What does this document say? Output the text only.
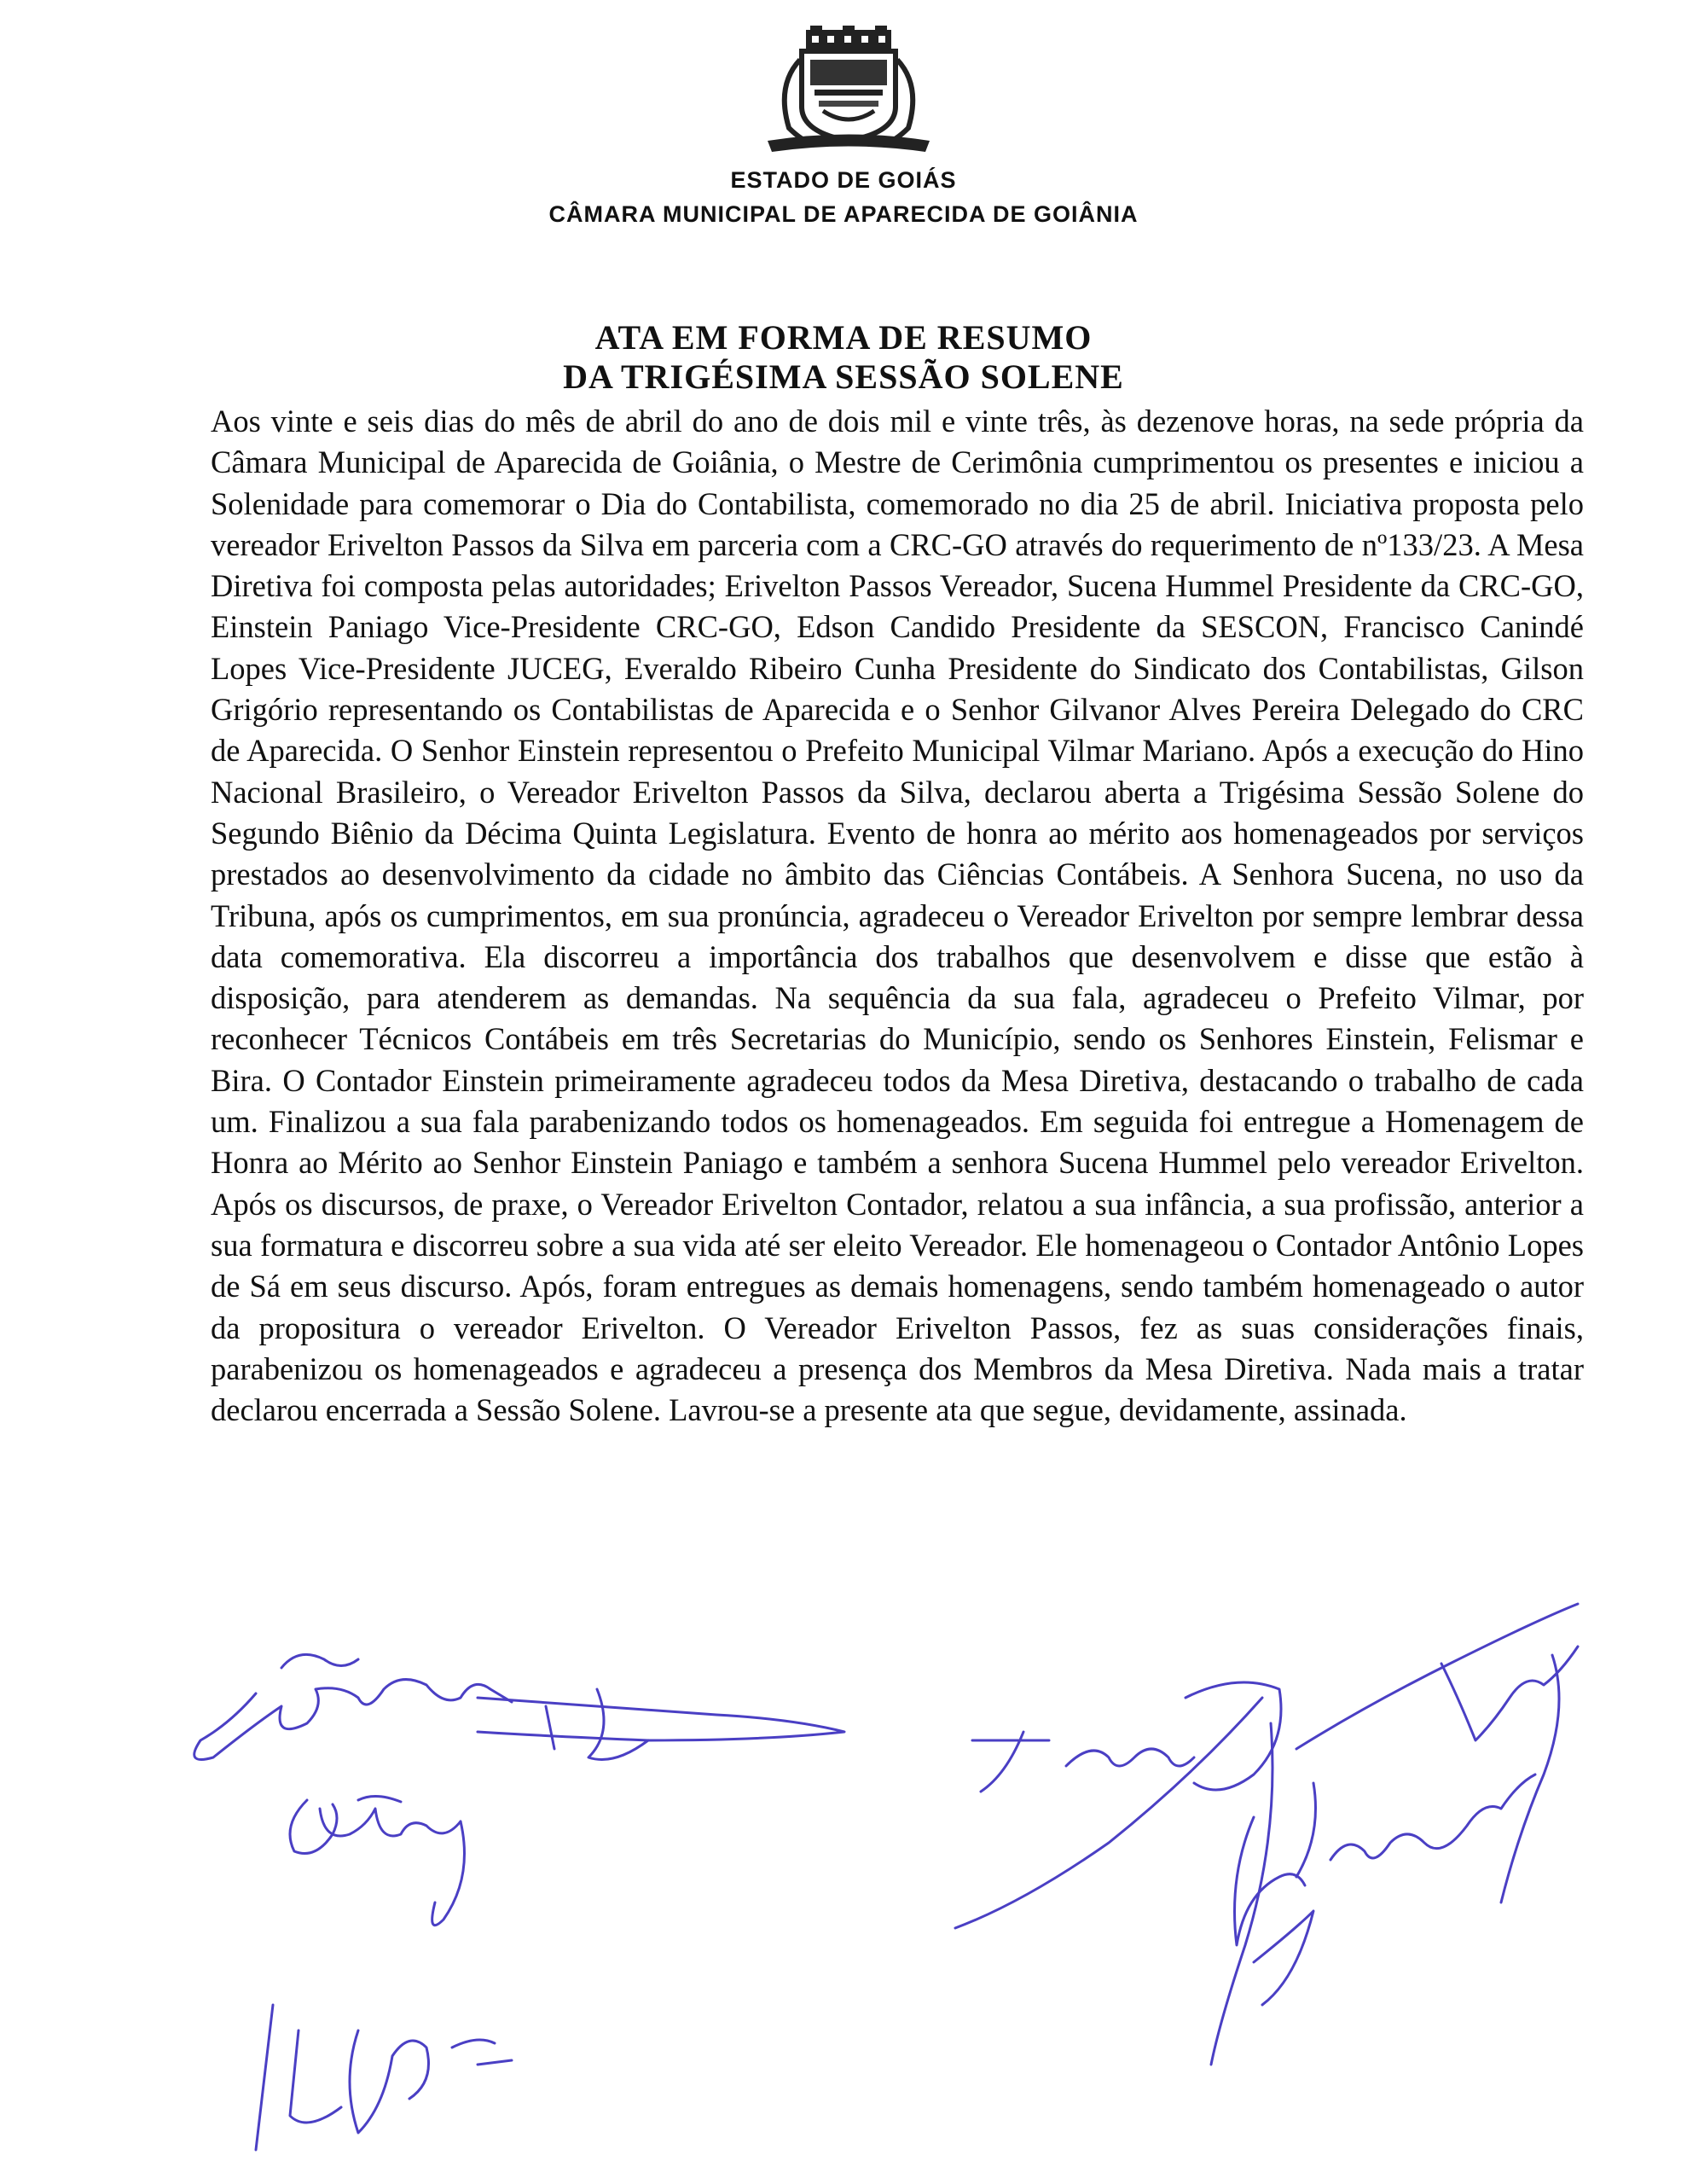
ESTADO DE GOIÁS
CÂMARA MUNICIPAL DE APARECIDA DE GOIÂNIA
ATA EM FORMA DE RESUMO
DA TRIGÉSIMA SESSÃO SOLENE

Aos vinte e seis dias do mês de abril do ano de dois mil e vinte três, às dezenove horas, na sede própria da Câmara Municipal de Aparecida de Goiânia, o Mestre de Cerimônia cumprimentou os presentes e iniciou a Solenidade para comemorar o Dia do Contabilista, comemorado no dia 25 de abril. Iniciativa proposta pelo vereador Erivelton Passos da Silva em parceria com a CRC-GO através do requerimento de nº133/23. A Mesa Diretiva foi composta pelas autoridades; Erivelton Passos Vereador, Sucena Hummel Presidente da CRC-GO, Einstein Paniago Vice-Presidente CRC-GO, Edson Candido Presidente da SESCON, Francisco Canindé Lopes Vice-Presidente JUCEG, Everaldo Ribeiro Cunha Presidente do Sindicato dos Contabilistas, Gilson Grigório representando os Contabilistas de Aparecida e o Senhor Gilvanor Alves Pereira Delegado do CRC de Aparecida. O Senhor Einstein representou o Prefeito Municipal Vilmar Mariano. Após a execução do Hino Nacional Brasileiro, o Vereador Erivelton Passos da Silva, declarou aberta a Trigésima Sessão Solene do Segundo Biênio da Décima Quinta Legislatura. Evento de honra ao mérito aos homenageados por serviços prestados ao desenvolvimento da cidade no âmbito das Ciências Contábeis. A Senhora Sucena, no uso da Tribuna, após os cumprimentos, em sua pronúncia, agradeceu o Vereador Erivelton por sempre lembrar dessa data comemorativa. Ela discorreu a importância dos trabalhos que desenvolvem e disse que estão à disposição, para atenderem as demandas. Na sequência da sua fala, agradeceu o Prefeito Vilmar, por reconhecer Técnicos Contábeis em três Secretarias do Município, sendo os Senhores Einstein, Felismar e Bira. O Contador Einstein primeiramente agradeceu todos da Mesa Diretiva, destacando o trabalho de cada um. Finalizou a sua fala parabenizando todos os homenageados. Em seguida foi entregue a Homenagem de Honra ao Mérito ao Senhor Einstein Paniago e também a senhora Sucena Hummel pelo vereador Erivelton. Após os discursos, de praxe, o Vereador Erivelton Contador, relatou a sua infância, a sua profissão, anterior a sua formatura e discorreu sobre a sua vida até ser eleito Vereador. Ele homenageou o Contador Antônio Lopes de Sá em seus discurso. Após, foram entregues as demais homenagens, sendo também homenageado o autor da propositura o vereador Erivelton. O Vereador Erivelton Passos, fez as suas considerações finais, parabenizou os homenageados e agradeceu a presença dos Membros da Mesa Diretiva. Nada mais a tratar declarou encerrada a Sessão Solene. Lavrou-se a presente ata que segue, devidamente, assinada.
